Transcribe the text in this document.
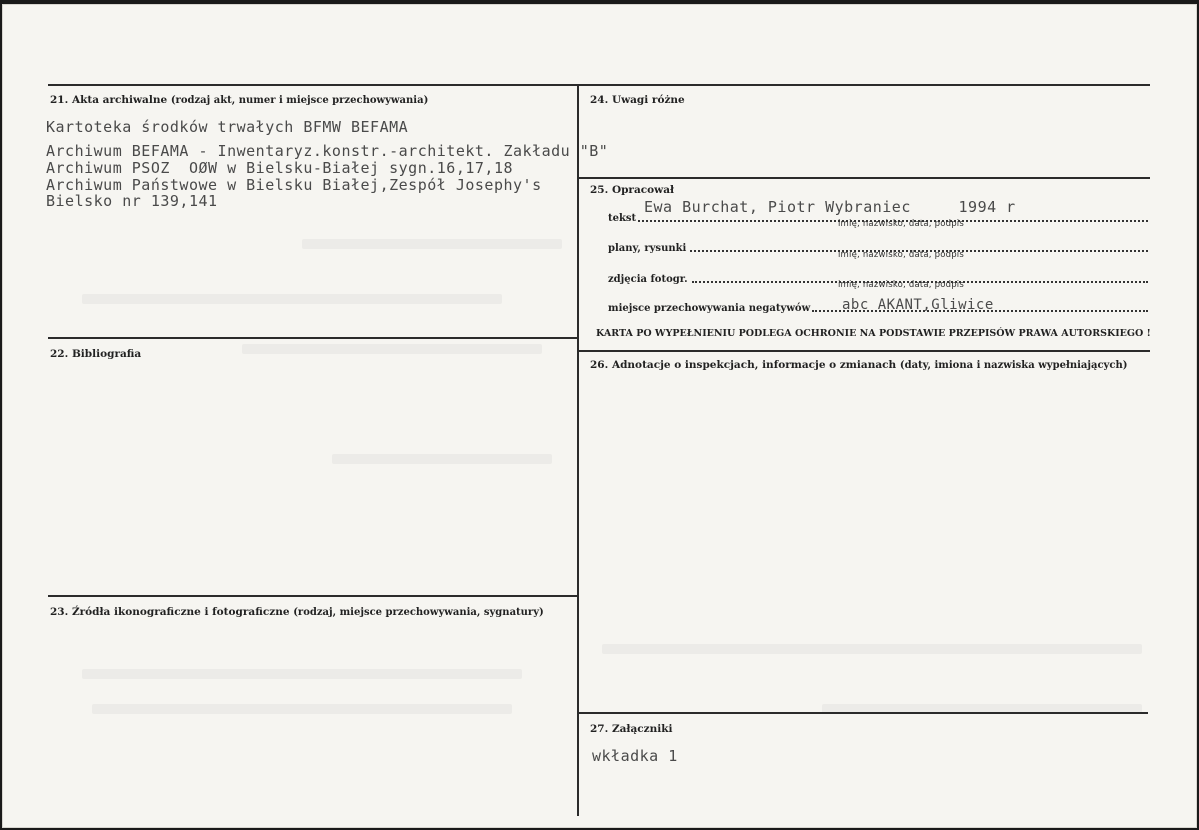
21. Akta archiwalne (rodzaj akt, numer i miejsce przechowywania)
Kartoteka środków trwałych BFMW BEFAMA
Archiwum BEFAMA - Inwentaryz.konstr.-architekt. Zakładu "B"
Archiwum PSOZ  OØW w Bielsku-Białej sygn.16,17,18
Archiwum Państwowe w Bielsku Białej,Zespół Josephy's
Bielsko nr 139,141
22. Bibliografia
23. Źródła ikonograficzne i fotograficzne (rodzaj, miejsce przechowywania, sygnatury)
24. Uwagi różne
25. Opracował
Ewa Burchat, Piotr Wybraniec     1994 r
tekst	imię, nazwisko, data, podpis
plany, rysunki
imię, nazwisko, data, podpis
zdjęcia fotogr.	imię, nazwisko, data, podpis
miejsce przechowywania negatywów abc AKANT,Gliwice
KARTA PO WYPEŁNIENIU PODLEGA OCHRONIE NA PODSTAWIE PRZEPISÓW PRAWA AUTORSKIEGO !
26. Adnotacje o inspekcjach, informacje o zmianach (daty, imiona i nazwiska wypełniających)
27. Załączniki
wkładka 1
